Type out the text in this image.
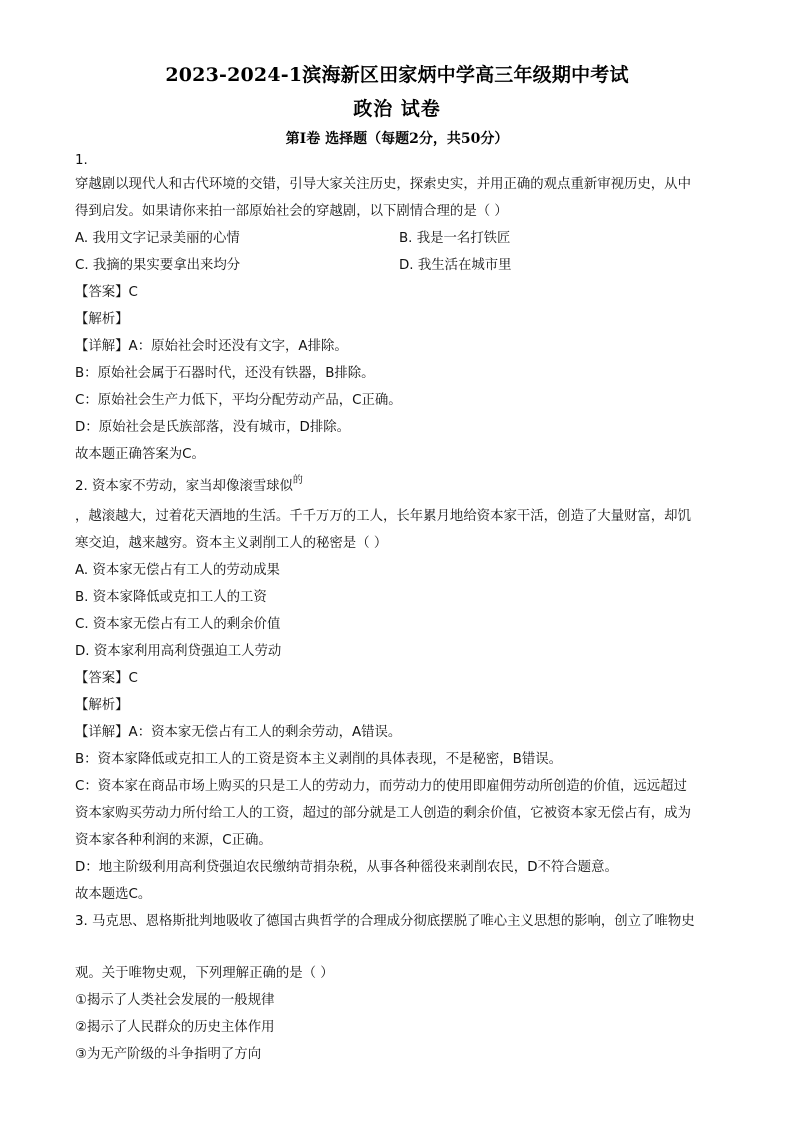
2023-2024-1滨海新区田家炳中学高三年级期中考试
政治 试卷
第Ⅰ卷 选择题（每题2分，共50分）
1.
穿越剧以现代人和古代环境的交错，引导大家关注历史，探索史实，并用正确的观点重新审视历史，从中
得到启发。如果请你来拍一部原始社会的穿越剧，以下剧情合理的是（ ）
A. 我用文字记录美丽的心情	B. 我是一名打铁匠
C. 我摘的果实要拿出来均分	D. 我生活在城市里
【答案】C
【解析】
【详解】A：原始社会时还没有文字，A排除。
B：原始社会属于石器时代，还没有铁器，B排除。
C：原始社会生产力低下，平均分配劳动产品，C正确。
D：原始社会是氏族部落，没有城市，D排除。
故本题正确答案为C。
2. 资本家不劳动，家当却像滚雪球似$^的$
，越滚越大，过着花天酒地的生活。千千万万的工人，长年累月地给资本家干活，创造了大量财富，却饥
寒交迫，越来越穷。资本主义剥削工人的秘密是（ ）
A. 资本家无偿占有工人的劳动成果
B. 资本家降低或克扣工人的工资
C. 资本家无偿占有工人的剩余价值
D. 资本家利用高利贷强迫工人劳动
【答案】C
【解析】
【详解】A：资本家无偿占有工人的剩余劳动，A错误。
B：资本家降低或克扣工人的工资是资本主义剥削的具体表现，不是秘密，B错误。
C：资本家在商品市场上购买的只是工人的劳动力，而劳动力的使用即雇佣劳动所创造的价值，远远超过
资本家购买劳动力所付给工人的工资，超过的部分就是工人创造的剩余价值，它被资本家无偿占有，成为
资本家各种利润的来源，C正确。
D：地主阶级利用高利贷强迫农民缴纳苛捐杂税，从事各种徭役来剥削农民，D不符合题意。
故本题选C。
3. 马克思、恩格斯批判地吸收了德国古典哲学的合理成分彻底摆脱了唯心主义思想的影响，创立了唯物史
观。关于唯物史观，下列理解正确的是（ ）
①揭示了人类社会发展的一般规律
②揭示了人民群众的历史主体作用
③为无产阶级的斗争指明了方向
